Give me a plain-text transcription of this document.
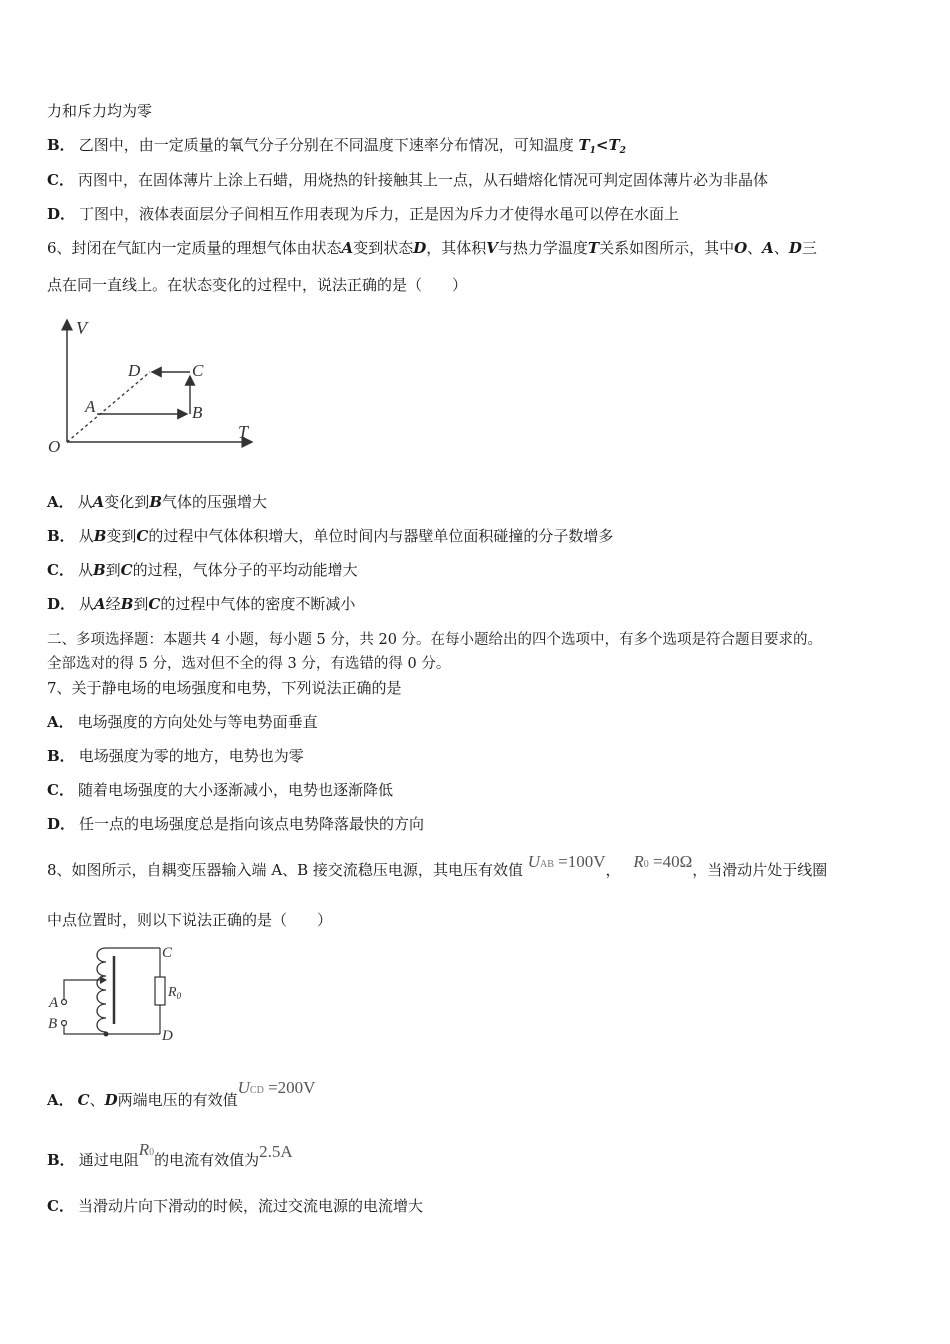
力和斥力均为零
B． 乙图中，由一定质量的氧气分子分别在不同温度下速率分布情况，可知温度 $T_1<T_2$
C． 丙图中，在固体薄片上涂上石蜡，用烧热的针接触其上一点，从石蜡熔化情况可判定固体薄片必为非晶体
D． 丁图中，液体表面层分子间相互作用表现为斥力，正是因为斥力才使得水黾可以停在水面上
6、封闭在气缸内一定质量的理想气体由状态A变到状态D，其体积V与热力学温度T关系如图所示，其中O、A、D三
点在同一直线上。在状态变化的过程中，说法正确的是（　　）
V
T
O
A	B
C
D
A． 从A变化到B气体的压强增大
B． 从B变到C的过程中气体体积增大，单位时间内与器壁单位面积碰撞的分子数增多
C． 从B到C的过程，气体分子的平均动能增大
D． 从A经B到C的过程中气体的密度不断减小
二、多项选择题：本题共 4 小题，每小题 5 分，共 20 分。在每小题给出的四个选项中，有多个选项是符合题目要求的。
全部选对的得 5 分，选对但不全的得 3 分，有选错的得 0 分。
7、关于静电场的电场强度和电势，下列说法正确的是
A． 电场强度的方向处处与等电势面垂直
B． 电场强度为零的地方，电势也为零
C． 随着电场强度的大小逐渐减小，电势也逐渐降低
D． 任一点的电场强度总是指向该点电势降落最快的方向
8、如图所示，自耦变压器输入端 A、B 接交流稳压电源，其电压有效值 UAB =100V， R0 =40Ω，当滑动片处于线圈
中点位置时，则以下说法正确的是（　　）
A
B
C
D
$R_0$
A． C、D两端电压的有效值UCD =200V
B． 通过电阻R0的电流有效值为2.5A
C． 当滑动片向下滑动的时候，流过交流电源的电流增大
